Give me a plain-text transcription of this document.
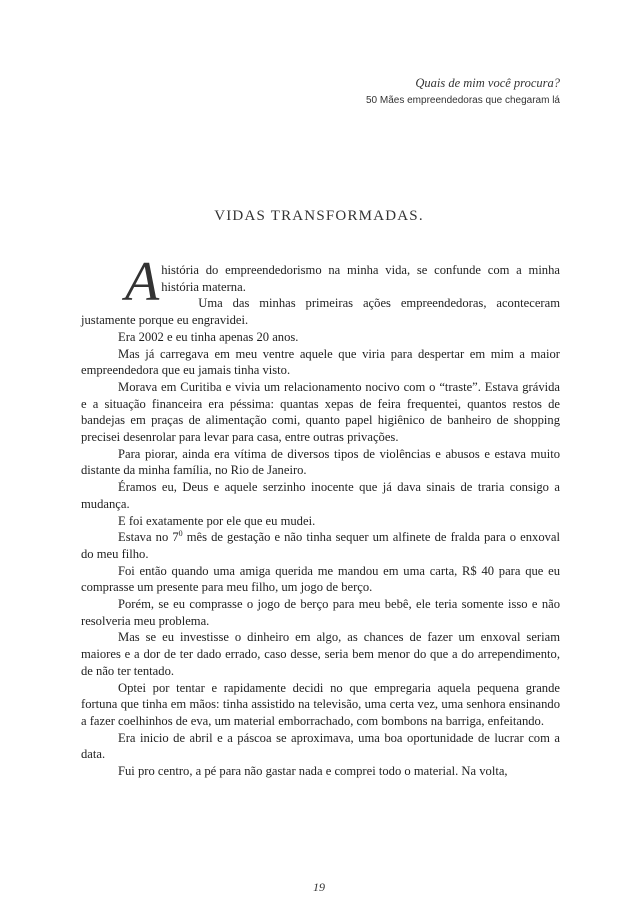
Quais de mim você procura?
50 Mães empreendedoras que chegaram lá
VIDAS TRANSFORMADAS.

A história do empreendedorismo na minha vida, se confunde com a minha história materna.

Uma das minhas primeiras ações empreendedoras, aconteceram justamente porque eu engravidei.

Era 2002 e eu tinha apenas 20 anos.

Mas já carregava em meu ventre aquele que viria para despertar em mim a maior empreendedora que eu jamais tinha visto.

Morava em Curitiba e vivia um relacionamento nocivo com o “traste”. Estava grávida e a situação financeira era péssima: quantas xepas de feira frequentei, quantos restos de bandejas em praças de alimentação comi, quanto papel higiênico de banheiro de shopping precisei desenrolar para levar para casa, entre outras privações.

Para piorar, ainda era vítima de diversos tipos de violências e abusos e estava muito distante da minha família, no Rio de Janeiro.

Éramos eu, Deus e aquele serzinho inocente que já dava sinais de traria consigo a mudança.

E foi exatamente por ele que eu mudei.

Estava no $7^0$ mês de gestação e não tinha sequer um alfinete de fralda para o enxoval do meu filho.

Foi então quando uma amiga querida me mandou em uma carta, R$ 40 para que eu comprasse um presente para meu filho, um jogo de berço.

Porém, se eu comprasse o jogo de berço para meu bebê, ele teria somente isso e não resolveria meu problema.

Mas se eu investisse o dinheiro em algo, as chances de fazer um enxoval seriam maiores e a dor de ter dado errado, caso desse, seria bem menor do que a do arrependimento, de não ter tentado.

Optei por tentar e rapidamente decidi no que empregaria aquela pequena grande fortuna que tinha em mãos: tinha assistido na televisão, uma certa vez, uma senhora ensinando a fazer coelhinhos de eva, um material emborrachado, com bombons na barriga, enfeitando.

Era inicio de abril e a páscoa se aproximava, uma boa oportunidade de lucrar com a data.

Fui pro centro, a pé para não gastar nada e comprei todo o material. Na volta,

19
